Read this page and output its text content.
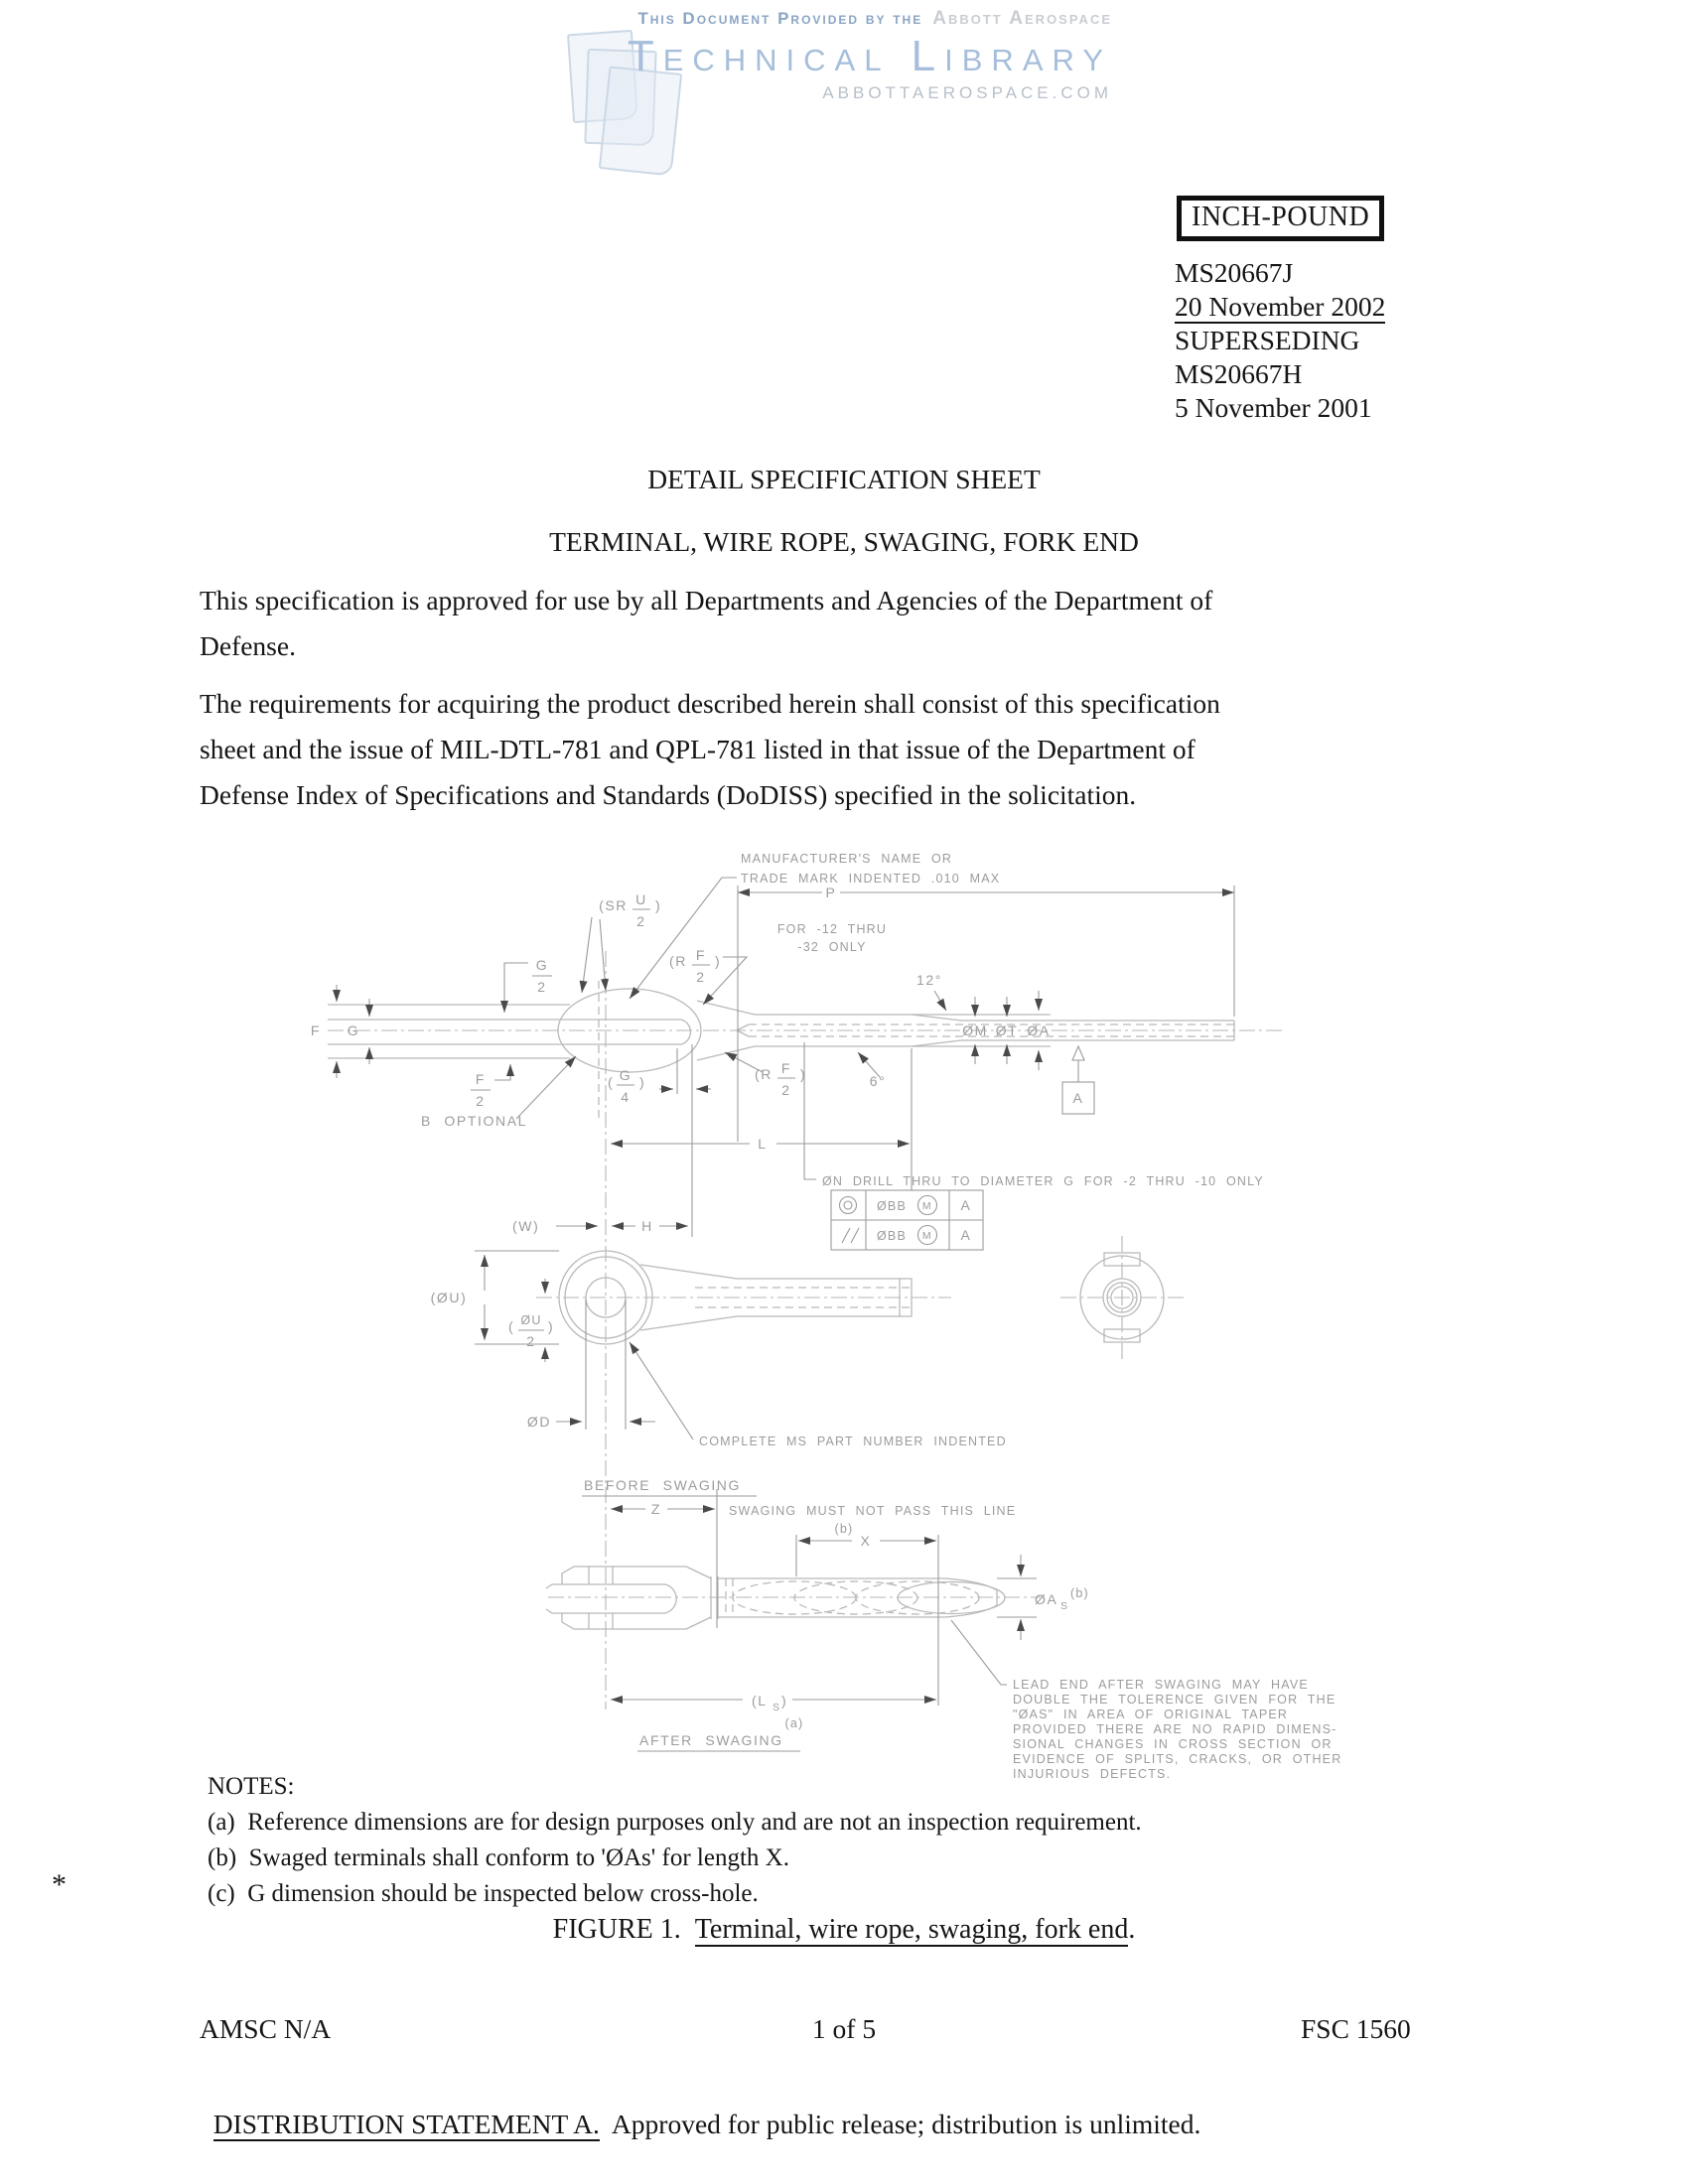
This Document Provided by the Abbott Aerospace
Technical Library
ABBOTTAEROSPACE.COM
INCH-POUND
MS20667J
20 November 2002
SUPERSEDING
MS20667H
5 November 2001
DETAIL SPECIFICATION SHEET
TERMINAL, WIRE ROPE, SWAGING, FORK END
This specification is approved for use by all Departments and Agencies of the Department of
Defense.
The requirements for acquiring the product described herein shall consist of this specification
sheet and the issue of MIL-DTL-781 and QPL-781 listed in that issue of the Department of
Defense Index of Specifications and Standards (DoDISS) specified in the solicitation.
F G
G
2
F
2
(SR U
2
)
(R F
2
)
MANUFACTURER'S NAME OR
TRADE MARK INDENTED .010 MAX
P
FOR -12 THRU
-32 ONLY
12°
6°
ØM ØT ØA
A
(R F
2
)
( G
4
)
B OPTIONAL
L
ØN DRILL THRU TO DIAMETER G FOR -2 THRU -10 ONLY
(W)	H
ØBB M A
ØBB M A
(ØU)
( ØU
2
)
ØD
COMPLETE MS PART NUMBER INDENTED
BEFORE SWAGING
Z	SWAGING MUST NOT PASS THIS LINE
(b)
X
ØA S
(b)
(L S )
(a)
AFTER SWAGING
LEAD END AFTER SWAGING MAY HAVE
DOUBLE THE TOLERENCE GIVEN FOR THE
"ØAS" IN AREA OF ORIGINAL TAPER
PROVIDED THERE ARE NO RAPID DIMENS-
SIONAL CHANGES IN CROSS SECTION OR
EVIDENCE OF SPLITS, CRACKS, OR OTHER
INJURIOUS DEFECTS.
NOTES:
(a)  Reference dimensions are for design purposes only and are not an inspection requirement.
(b)  Swaged terminals shall conform to 'ØAs' for length X.
(c)  G dimension should be inspected below cross-hole.
*
FIGURE 1. Terminal, wire rope, swaging, fork end.
1 of 5
AMSC N/A	FSC 1560

DISTRIBUTION STATEMENT A. Approved for public release; distribution is unlimited.
